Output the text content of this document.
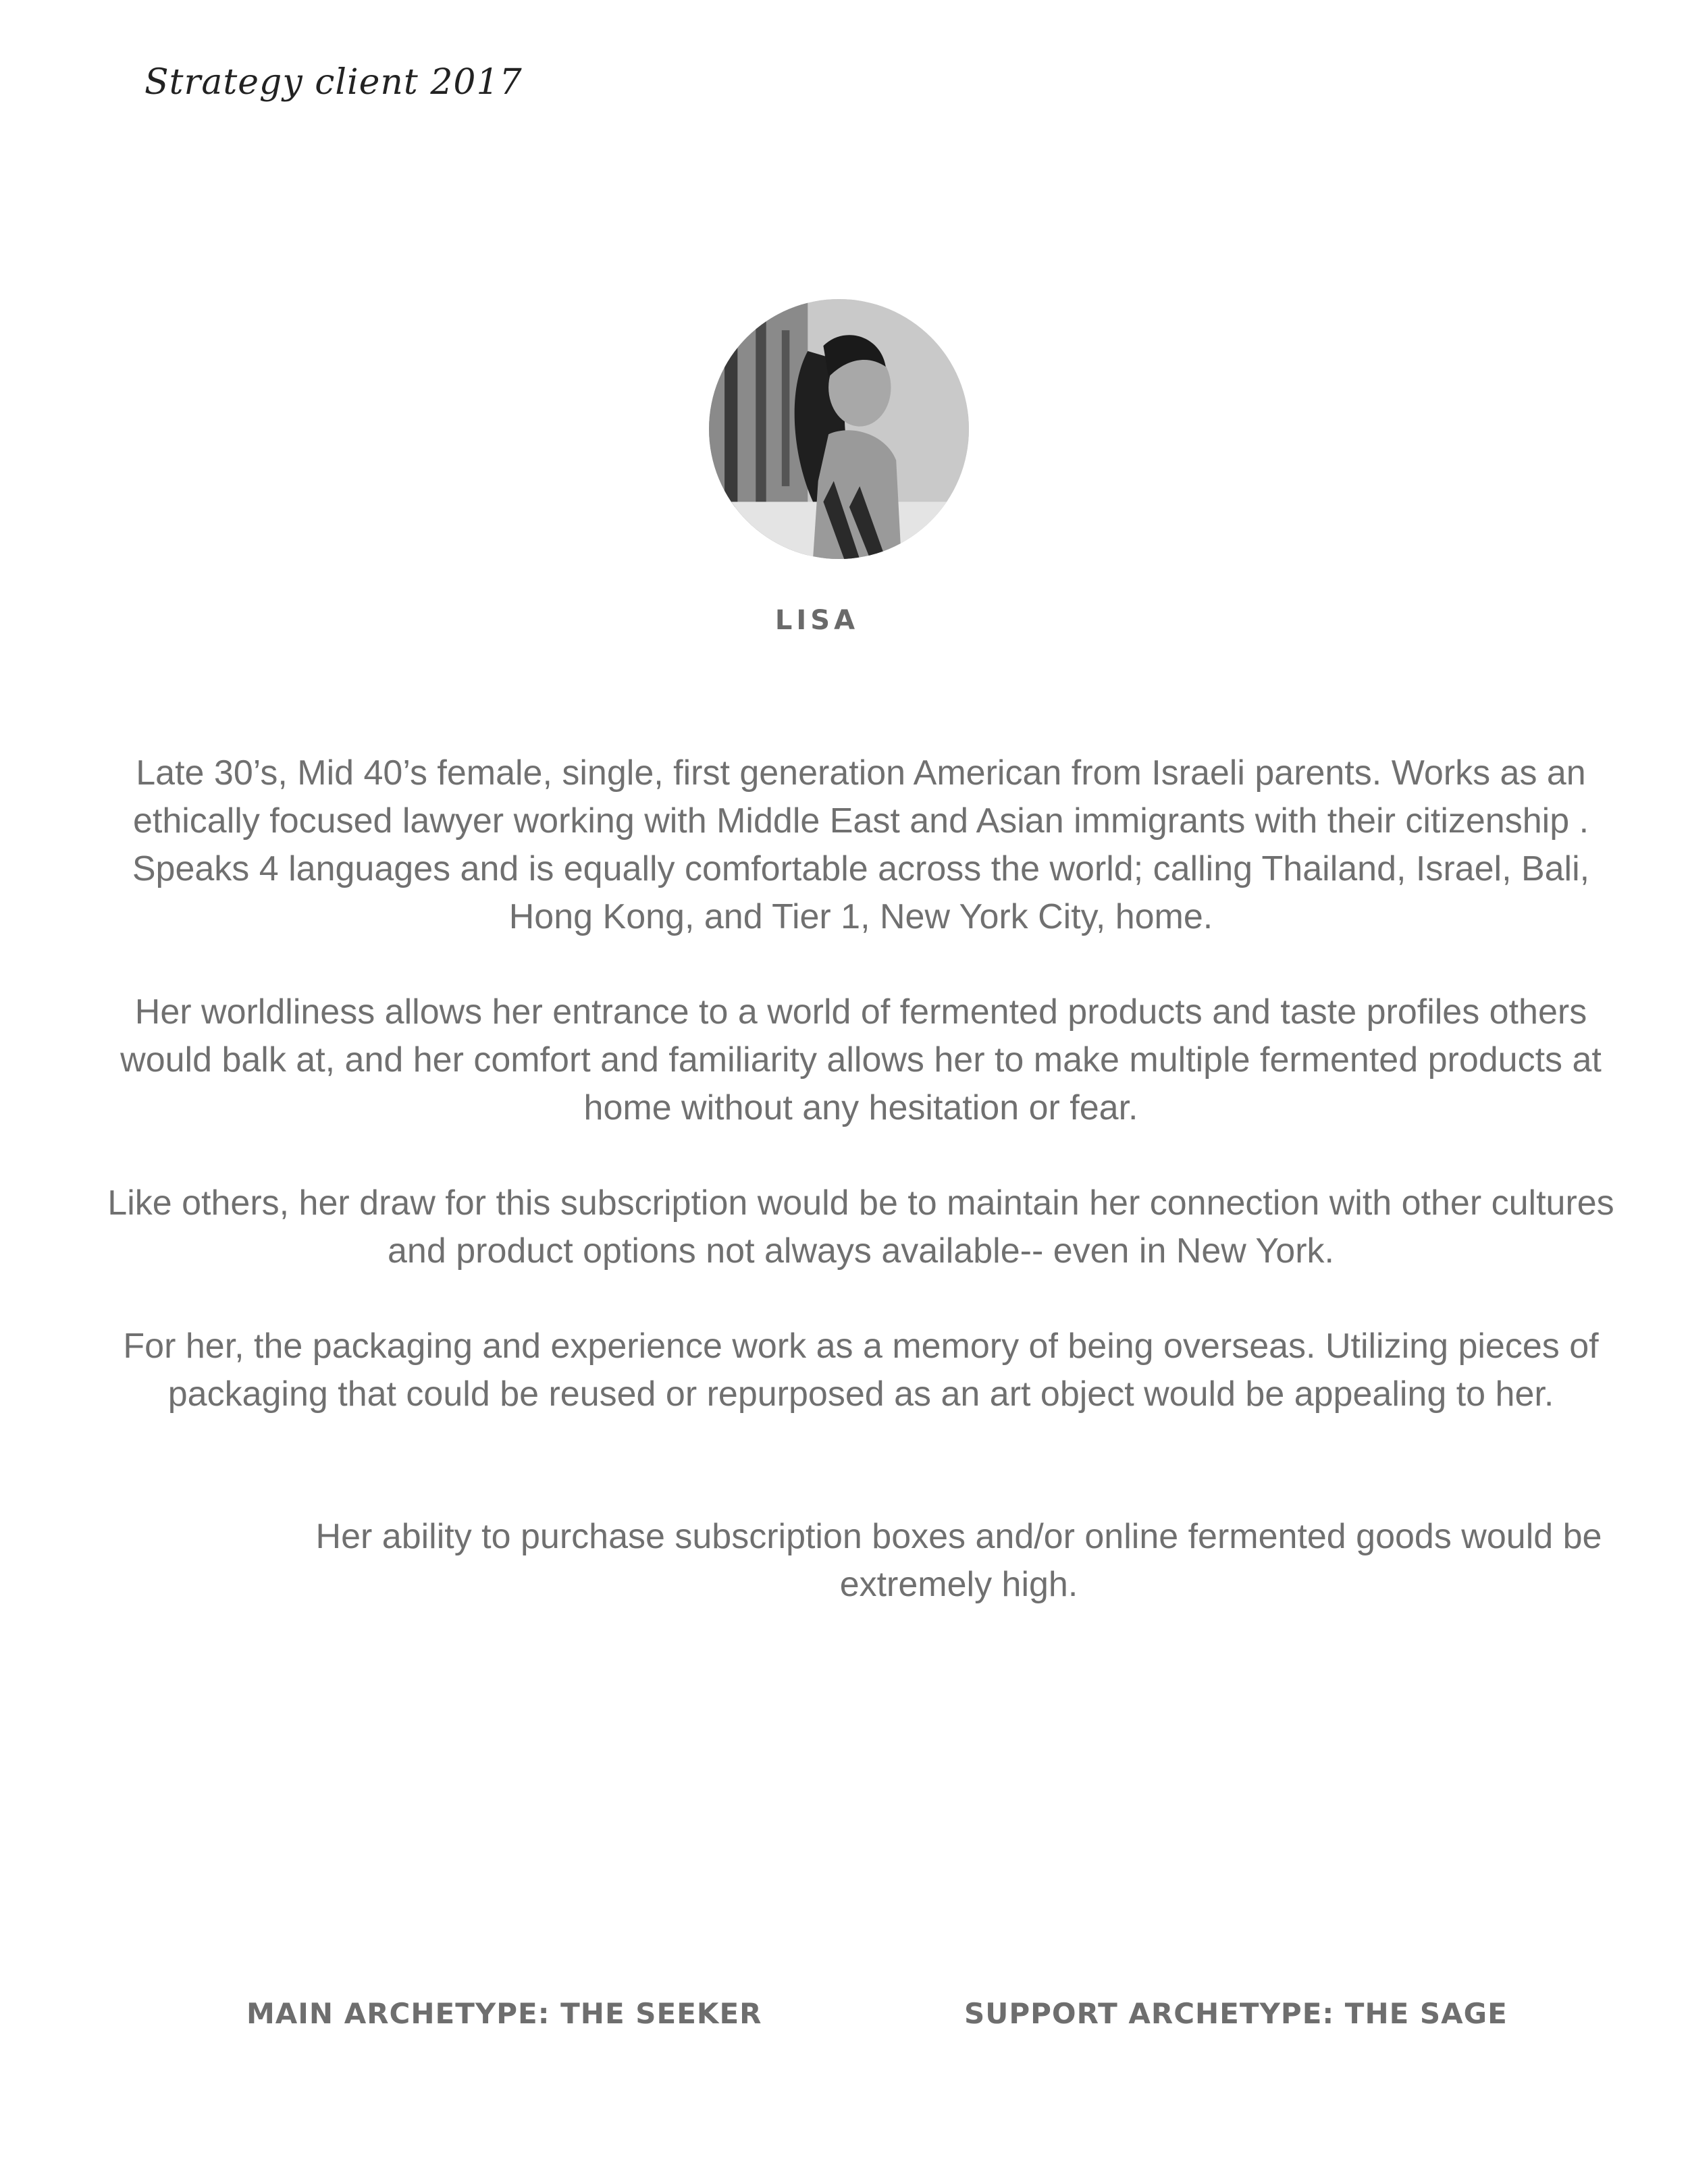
Strategy client 2017
LISA

Late 30’s, Mid 40’s female, single, first generation American from Israeli parents. Works as an ethically focused lawyer working with Middle East and Asian immigrants with their citizenship . Speaks 4 languages and is equally comfortable across the world; calling Thailand, Israel, Bali, Hong Kong, and Tier 1, New York City, home.

Her worldliness allows her entrance to a world of fermented products and taste profiles others would balk at, and her comfort and familiarity allows her to make multiple fermented products at home without any hesitation or fear.

Like others, her draw for this subscription would be to maintain her connection with other cultures and product options not always available-- even in New York.

For her, the packaging and experience work as a memory of being overseas. Utilizing pieces of packaging that could be reused or repurposed as an art object would be appealing to her.

Her ability to purchase subscription boxes and/or online fermented goods would be extremely high.

MAIN ARCHETYPE: THE SEEKER	SUPPORT ARCHETYPE: THE SAGE
